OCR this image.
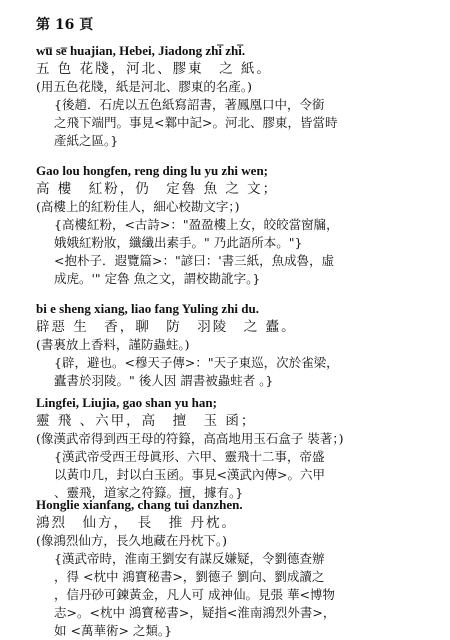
第 16 頁
wu̅ se̅ huajian, Hebei, Jiadong zhi̅ zhi̅.
五 色 花牋，河北、膠東　之 紙。
(用五色花牋，紙是河北、膠東的名產。)
{後趙．石虎以五色紙寫詔書，著鳳凰口中，令銜
之飛下端門。事見<鄴中記>。河北、膠東，皆當時
產紙之區。}
Gao lou hongfen, reng ding lu yu zhi wen;
高 樓　紅粉，仍　定魯 魚 之 文；
(高樓上的紅粉佳人，細心校勘文字；)
{高樓紅粉，<古詩>："盈盈樓上女，皎皎當窗牖，
娥娥紅粉妝，纖纖出素手。" 乃此語所本。"}
<抱朴子．遐覽篇>："諺曰：'書三紙，魚成魯，虛
成虎。'" 定魯 魚之文，謂校勘訛字。}
bi e sheng xiang, liao fang Yuling zhi du.
辟惡 生　香，聊　防　羽陵　之 蠹。
(書裏放上香料，謹防蟲蛀。)
{辟，避也。<穆天子傳>："天子東巡，次於雀梁，
蠹書於羽陵。" 後人因 謂書被蟲蛀者 。}
Lingfei, Liujia, gao shan yu han;
靈 飛 、六甲，高　擅　玉 函；
(像漢武帝得到西王母的符籙，高高地用玉石盒子 裝著；)
{漢武帝受西王母眞形、六甲、靈飛十二事，帝盛
以黃巾几，封以白玉函。事見<漢武內傳>。六甲
、靈飛，道家之符籙。擅，據有。}
Honglie xianfang, chang tui danzhen.
鴻烈　仙方，　長　推 丹枕。
(像鴻烈仙方，長久地藏在丹枕下。)
{漢武帝時，淮南王劉安有謀反嫌疑，令劉德查辦
，得 <枕中 鴻寶秘書>，劉德子 劉向、劉成讀之
，信丹砂可鍊黃金，凡人可 成神仙。見張 華<博物
志>。<枕中 鴻寶秘書>，疑指<淮南鴻烈外書>，
如 <萬華術> 之類。}
